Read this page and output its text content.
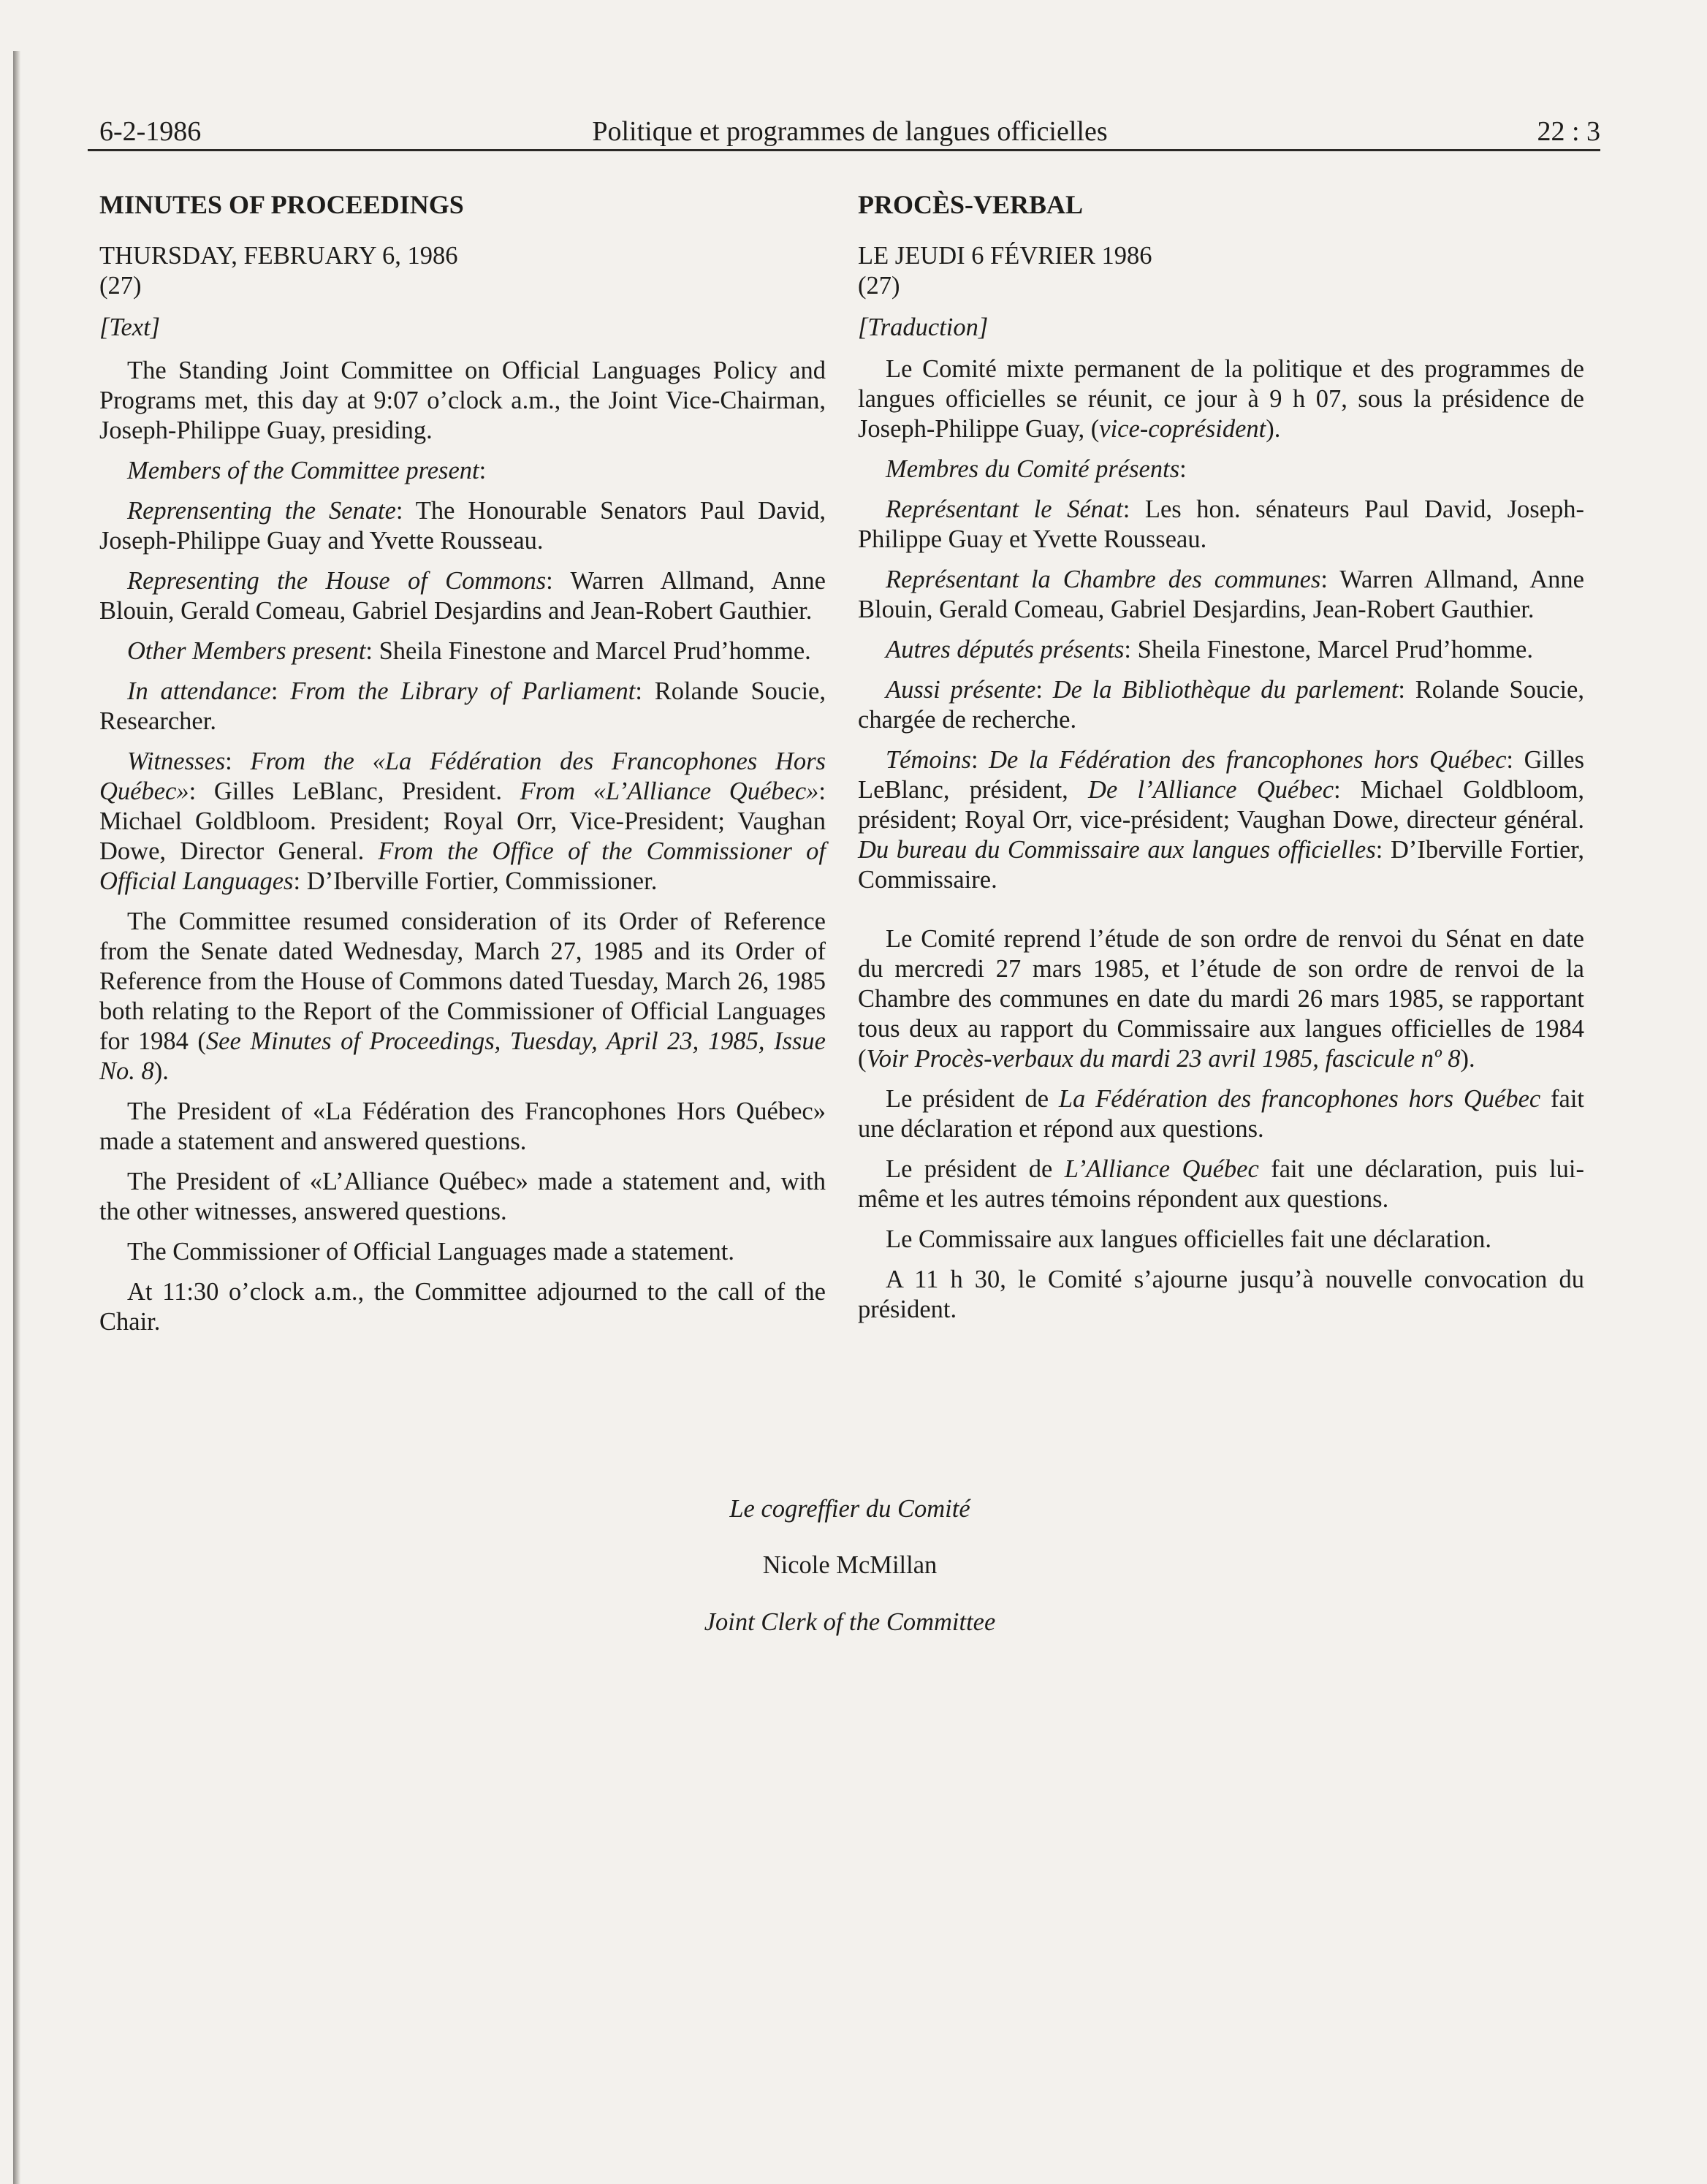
6-2-1986	Politique et programmes de langues officielles	22 : 3
MINUTES OF PROCEEDINGS
THURSDAY, FEBRUARY 6, 1986
(27)
[Text]

The Standing Joint Committee on Official Languages Policy and Programs met, this day at 9:07 o’clock a.m., the Joint Vice-Chairman, Joseph-Philippe Guay, presiding.

Members of the Committee present:

Reprensenting the Senate: The Honourable Senators Paul David, Joseph-Philippe Guay and Yvette Rousseau.

Representing the House of Commons: Warren Allmand, Anne Blouin, Gerald Comeau, Gabriel Desjardins and Jean-Robert Gauthier.

Other Members present: Sheila Finestone and Marcel Prud’homme.

In attendance: From the Library of Parliament: Rolande Soucie, Researcher.

Witnesses: From the «La Fédération des Francophones Hors Québec»: Gilles LeBlanc, President. From «L’Alliance Québec»: Michael Goldbloom. President; Royal Orr, Vice-President; Vaughan Dowe, Director General. From the Office of the Commissioner of Official Languages: D’Iberville Fortier, Commissioner.

The Committee resumed consideration of its Order of Reference from the Senate dated Wednesday, March 27, 1985 and its Order of Reference from the House of Commons dated Tuesday, March 26, 1985 both relating to the Report of the Commissioner of Official Languages for 1984 (See Minutes of Proceedings, Tuesday, April 23, 1985, Issue No. 8).

The President of «La Fédération des Francophones Hors Québec» made a statement and answered questions.

The President of «L’Alliance Québec» made a statement and, with the other witnesses, answered questions.

The Commissioner of Official Languages made a statement.

At 11:30 o’clock a.m., the Committee adjourned to the call of the Chair.

PROCÈS-VERBAL
LE JEUDI 6 FÉVRIER 1986
(27)
[Traduction]

Le Comité mixte permanent de la politique et des programmes de langues officielles se réunit, ce jour à 9 h 07, sous la présidence de Joseph-Philippe Guay, (vice-coprésident).

Membres du Comité présents:

Représentant le Sénat: Les hon. sénateurs Paul David, Joseph-Philippe Guay et Yvette Rousseau.

Représentant la Chambre des communes: Warren Allmand, Anne Blouin, Gerald Comeau, Gabriel Desjardins, Jean-Robert Gauthier.

Autres députés présents: Sheila Finestone, Marcel Prud’homme.

Aussi présente: De la Bibliothèque du parlement: Rolande Soucie, chargée de recherche.

Témoins: De la Fédération des francophones hors Québec: Gilles LeBlanc, président, De l’Alliance Québec: Michael Goldbloom, président; Royal Orr, vice-président; Vaughan Dowe, directeur général. Du bureau du Commissaire aux langues officielles: D’Iberville Fortier, Commissaire.

Le Comité reprend l’étude de son ordre de renvoi du Sénat en date du mercredi 27 mars 1985, et l’étude de son ordre de renvoi de la Chambre des communes en date du mardi 26 mars 1985, se rapportant tous deux au rapport du Commissaire aux langues officielles de 1984 (Voir Procès-verbaux du mardi 23 avril 1985, fascicule nº 8).

Le président de La Fédération des francophones hors Québec fait une déclaration et répond aux questions.

Le président de L’Alliance Québec fait une déclaration, puis lui-même et les autres témoins répondent aux questions.

Le Commissaire aux langues officielles fait une déclaration.

A 11 h 30, le Comité s’ajourne jusqu’à nouvelle convocation du président.

Le cogreffier du Comité
Nicole McMillan
Joint Clerk of the Committee
